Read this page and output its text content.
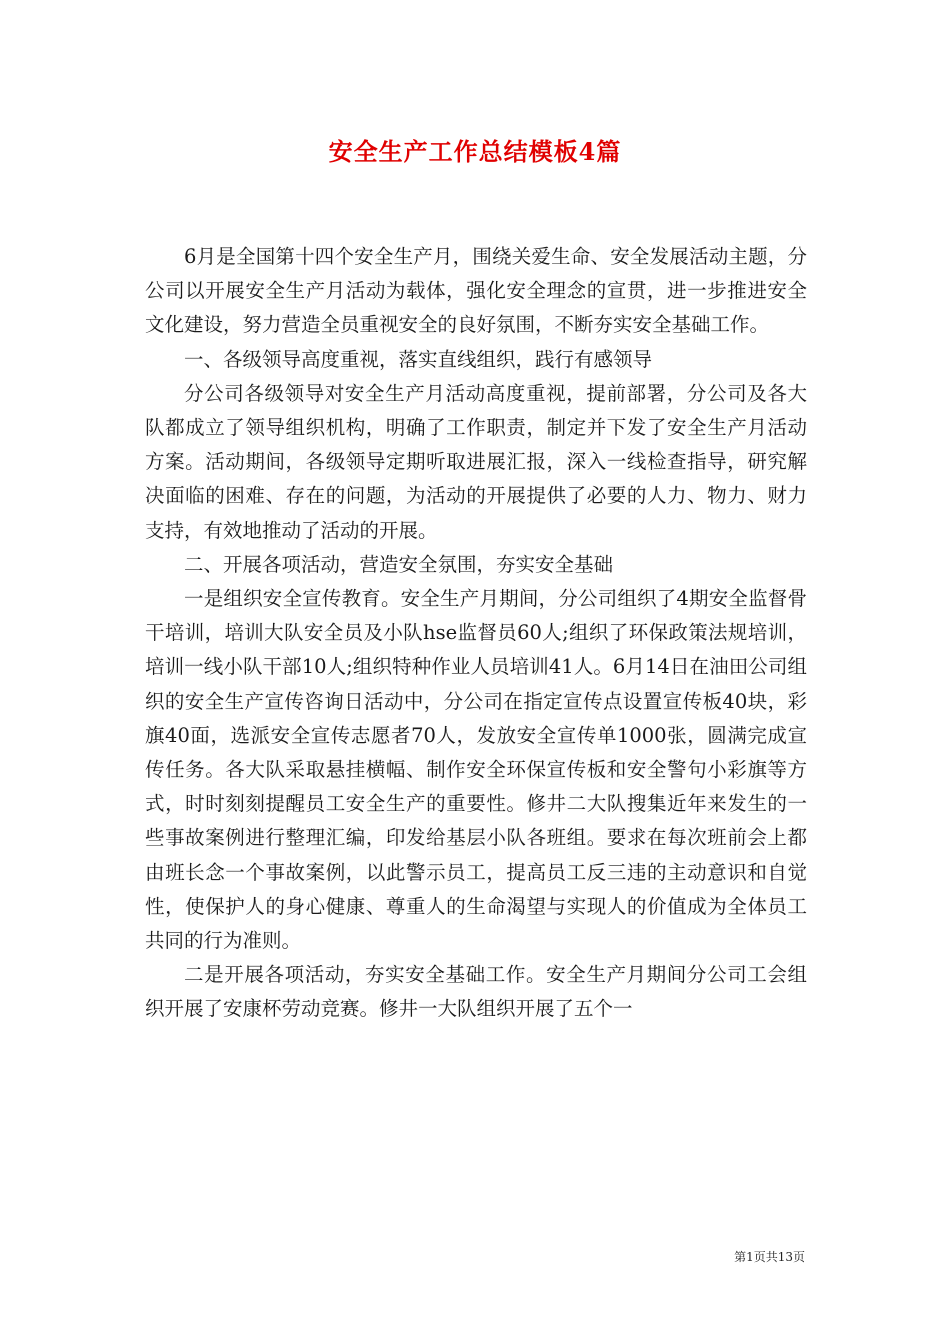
安全生产工作总结模板4篇

6月是全国第十四个安全生产月，围绕关爱生命、安全发展活动主题，分公司以开展安全生产月活动为载体，强化安全理念的宣贯，进一步推进安全文化建设，努力营造全员重视安全的良好氛围，不断夯实安全基础工作。

一、各级领导高度重视，落实直线组织，践行有感领导

分公司各级领导对安全生产月活动高度重视，提前部署，分公司及各大队都成立了领导组织机构，明确了工作职责，制定并下发了安全生产月活动方案。活动期间，各级领导定期听取进展汇报，深入一线检查指导，研究解决面临的困难、存在的问题，为活动的开展提供了必要的人力、物力、财力支持，有效地推动了活动的开展。

二、开展各项活动，营造安全氛围，夯实安全基础

一是组织安全宣传教育。安全生产月期间，分公司组织了4期安全监督骨干培训，培训大队安全员及小队hse监督员60人;组织了环保政策法规培训，培训一线小队干部10人;组织特种作业人员培训41人。6月14日在油田公司组织的安全生产宣传咨询日活动中，分公司在指定宣传点设置宣传板40块，彩旗40面，选派安全宣传志愿者70人，发放安全宣传单1000张，圆满完成宣传任务。各大队采取悬挂横幅、制作安全环保宣传板和安全警句小彩旗等方式，时时刻刻提醒员工安全生产的重要性。修井二大队搜集近年来发生的一些事故案例进行整理汇编，印发给基层小队各班组。要求在每次班前会上都由班长念一个事故案例，以此警示员工，提高员工反三违的主动意识和自觉性，使保护人的身心健康、尊重人的生命渴望与实现人的价值成为全体员工共同的行为准则。

二是开展各项活动，夯实安全基础工作。安全生产月期间分公司工会组织开展了安康杯劳动竞赛。修井一大队组织开展了五个一

第1页共13页
